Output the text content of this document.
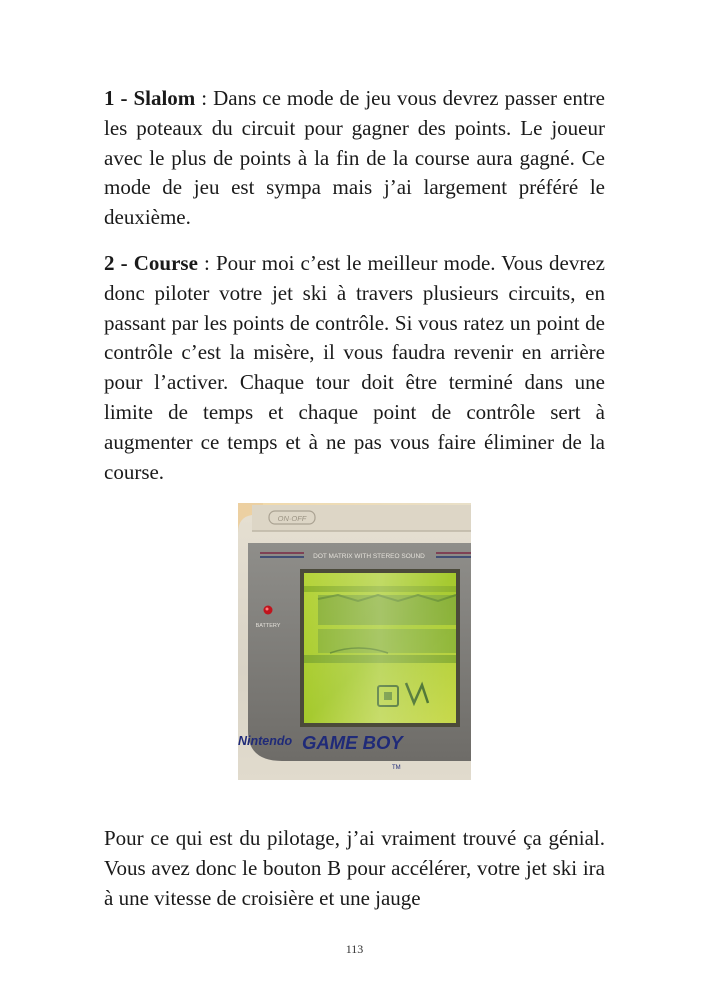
1 - Slalom : Dans ce mode de jeu vous devrez passer entre les poteaux du circuit pour gagner des points. Le joueur avec le plus de points à la fin de la course aura gagné. Ce mode de jeu est sympa mais j’ai largement préféré le deuxième.

2 - Course : Pour moi c’est le meilleur mode. Vous devrez donc piloter votre jet ski à travers plusieurs circuits, en passant par les points de contrôle. Si vous ratez un point de contrôle c’est la misère, il vous faudra revenir en arrière pour l’activer. Chaque tour doit être terminé dans une limite de temps et chaque point de contrôle sert à augmenter ce temps et à ne pas vous faire éliminer de la course.

ON·OFF
DOT MATRIX WITH STEREO SOUND
BATTERY
Nintendo GAME BOY
TM

Pour ce qui est du pilotage, j’ai vraiment trouvé ça génial. Vous avez donc le bouton B pour accélérer, votre jet ski ira à une vitesse de croisière et une jauge

113
